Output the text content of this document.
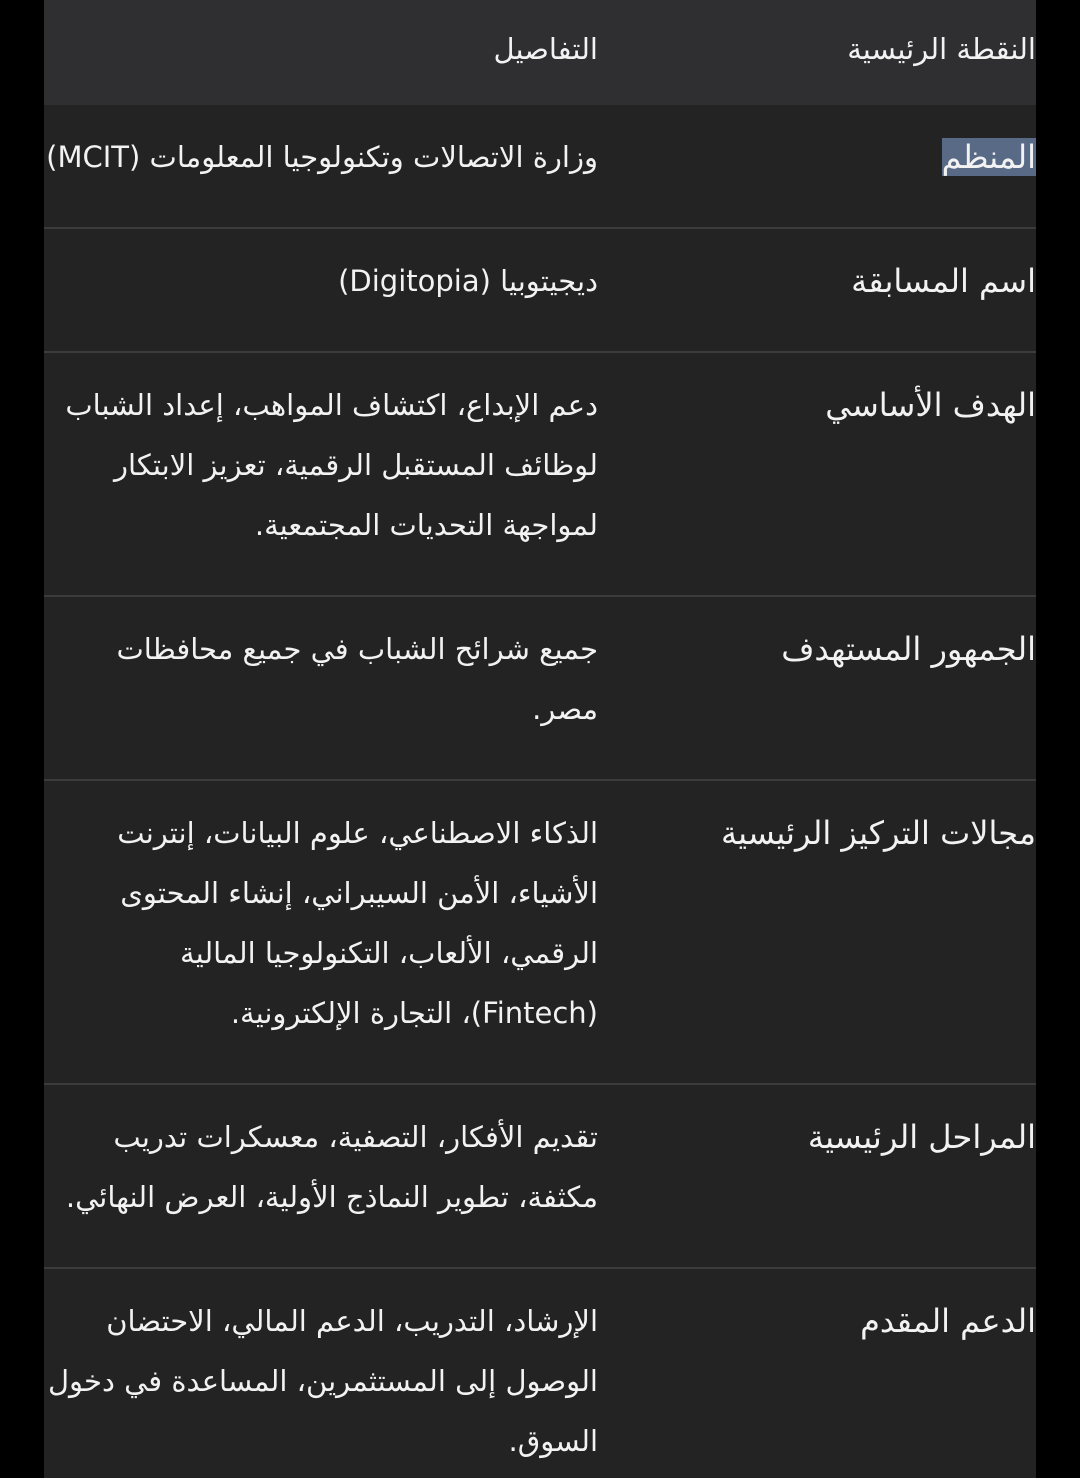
النقطة الرئيسية	التفاصيل
المنظم	وزارة الاتصالات وتكنولوجيا المعلومات (MCIT)

اسم المسابقة	ديجيتوبيا (Digitopia)

الهدف الأساسي	دعم الإبداع، اكتشاف المواهب، إعداد الشباب لوظائف المستقبل الرقمية، تعزيز الابتكار لمواجهة التحديات المجتمعية.

الجمهور المستهدف	جميع شرائح الشباب في جميع محافظات مصر.

مجالات التركيز الرئيسية	الذكاء الاصطناعي، علوم البيانات، إنترنت الأشياء، الأمن السيبراني، إنشاء المحتوى الرقمي، الألعاب، التكنولوجيا المالية (Fintech)، التجارة الإلكترونية.

المراحل الرئيسية	تقديم الأفكار، التصفية، معسكرات تدريب مكثفة، تطوير النماذج الأولية، العرض النهائي.

الدعم المقدم	الإرشاد، التدريب، الدعم المالي، الاحتضان الوصول إلى المستثمرين، المساعدة في دخول السوق.
